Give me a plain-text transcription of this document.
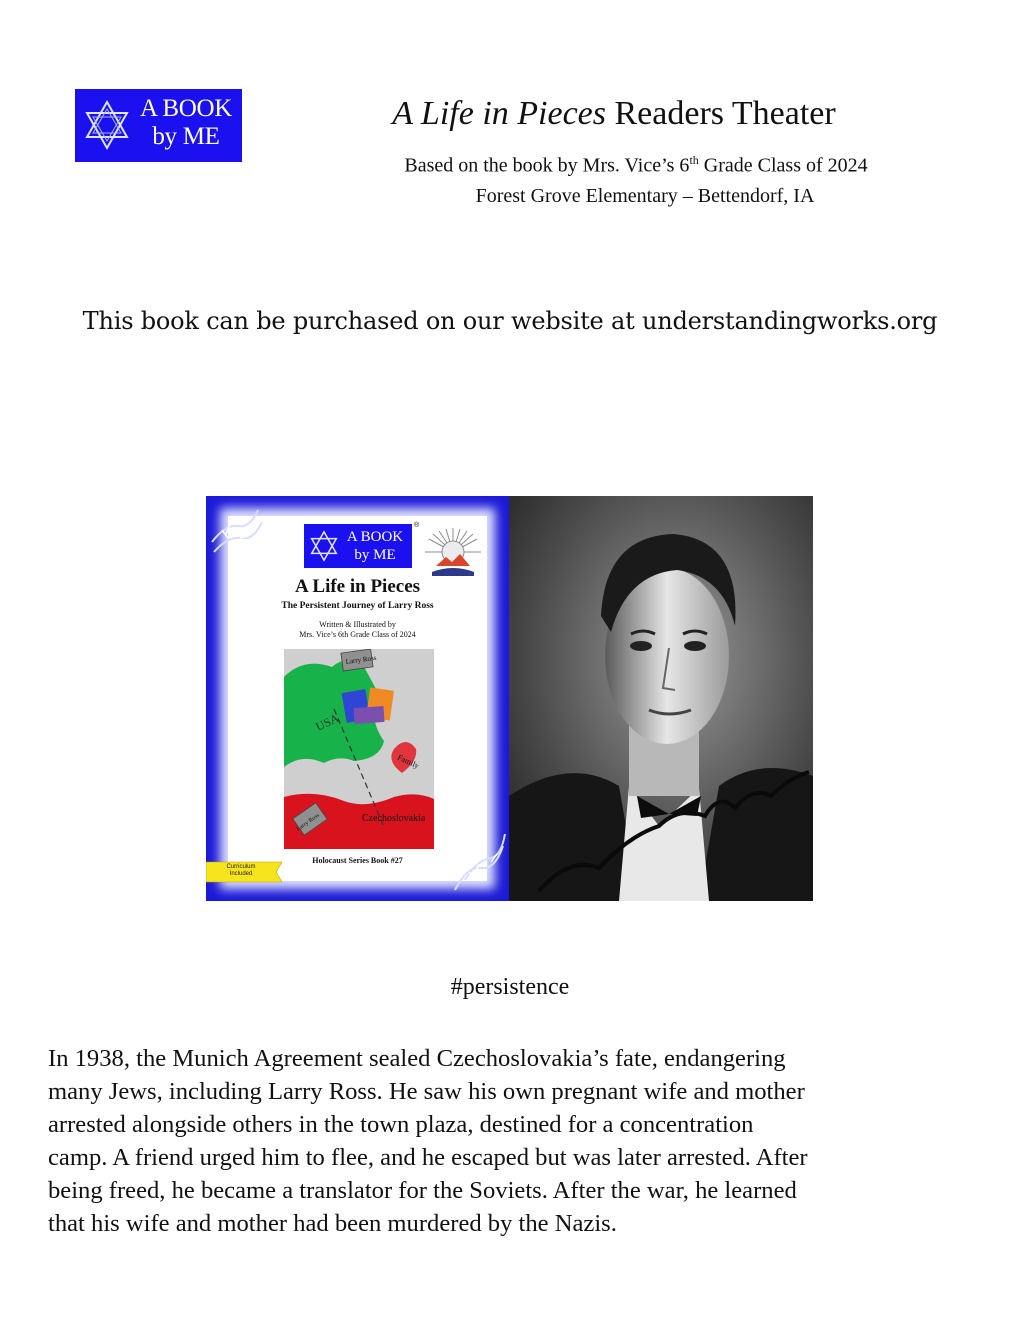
A BOOK
by ME
A Life in Pieces Readers Theater
Based on the book by Mrs. Vice’s 6th Grade Class of 2024
Forest Grove Elementary – Bettendorf, IA
This book can be purchased on our website at understandingworks.org
A BOOK
by ME
®
A Life in Pieces
The Persistent Journey of Larry Ross
Written & Illustrated by
Mrs. Vice’s 6th Grade Class of 2024
USA
Larry Ross
Family
Czechoslovakia
Larry Ross
Holocaust Series Book #27
Curriculum
Included
#persistence
In 1938, the Munich Agreement sealed Czechoslovakia’s fate, endangering
many Jews, including Larry Ross. He saw his own pregnant wife and mother
arrested alongside others in the town plaza, destined for a concentration
camp. A friend urged him to flee, and he escaped but was later arrested. After
being freed, he became a translator for the Soviets. After the war, he learned
that his wife and mother had been murdered by the Nazis.
